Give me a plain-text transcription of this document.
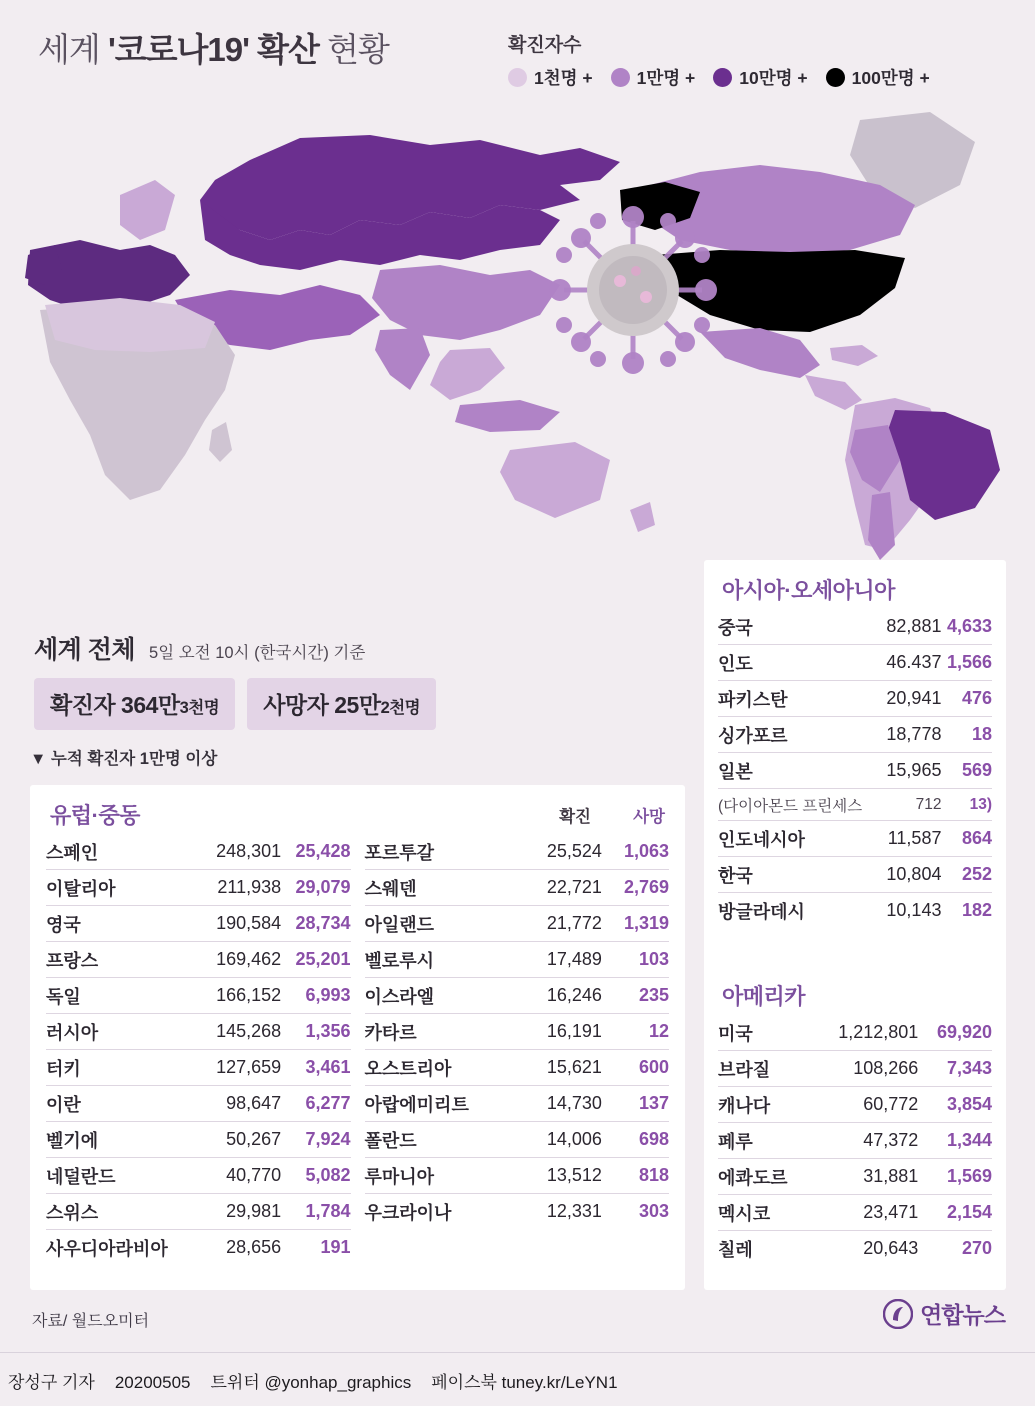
세계 '코로나19' 확산 현황	확진자수
1천명 +	1만명 +	10만명 +	100만명 +
세계 전체 5일 오전 10시 (한국시간) 기준
확진자 364만3천명	사망자 25만2천명
▼ 누적 확진자 1만명 이상
유럽·중동	확진	사망
스페인	248,301	25,428
이탈리아	211,938	29,079
영국	190,584	28,734
프랑스	169,462	25,201
독일	166,152	6,993
러시아	145,268	1,356
터키	127,659	3,461
이란	98,647	6,277
벨기에	50,267	7,924
네덜란드	40,770	5,082
스위스	29,981	1,784
사우디아라비아	28,656	191
포르투갈	25,524	1,063
스웨덴	22,721	2,769
아일랜드	21,772	1,319
벨로루시	17,489	103
이스라엘	16,246	235
카타르	16,191	12
오스트리아	15,621	600
아랍에미리트	14,730	137
폴란드	14,006	698
루마니아	13,512	818
우크라이나	12,331	303
아시아·오세아니아
중국	82,881	4,633
인도	46.437	1,566
파키스탄	20,941	476
싱가포르	18,778	18
일본	15,965	569
(다이아몬드 프린세스	712	13)
인도네시아	11,587	864
한국	10,804	252
방글라데시	10,143	182
아메리카
미국	1,212,801	69,920
브라질	108,266	7,343
캐나다	60,772	3,854
페루	47,372	1,344
에콰도르	31,881	1,569
멕시코	23,471	2,154
칠레	20,643	270
자료/ 월드오미터	연합뉴스
장성구 기자 20200505 트위터 @yonhap_graphics 페이스북 tuney.kr/LeYN1
